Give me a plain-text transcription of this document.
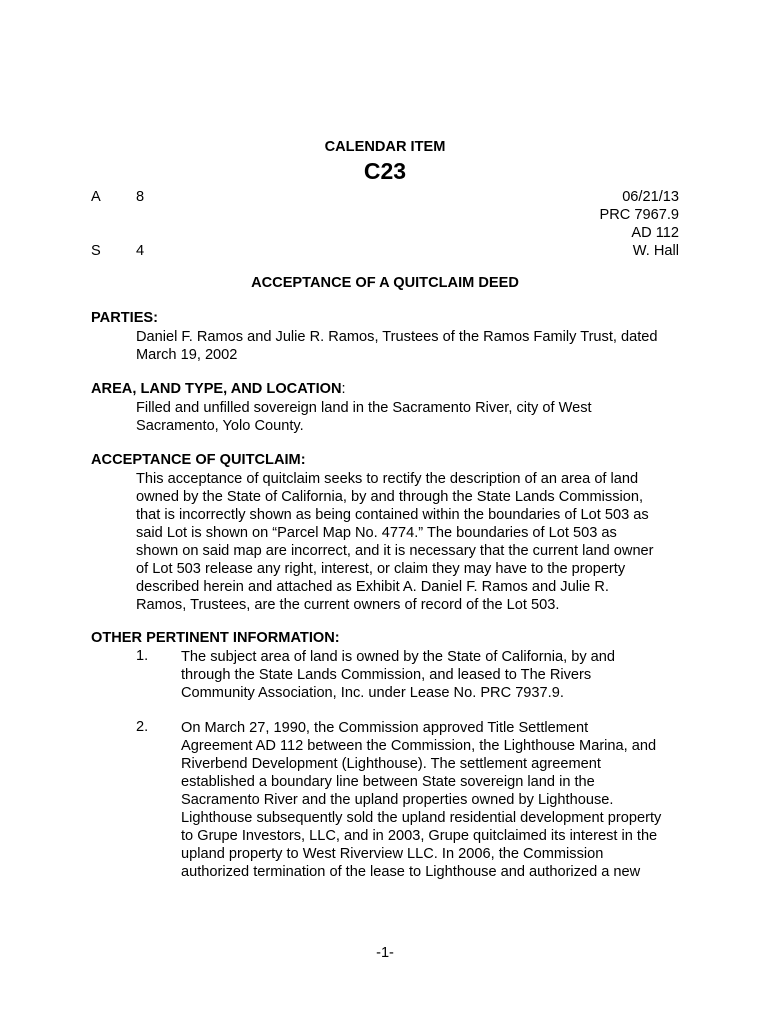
CALENDAR ITEM
C23
A 8
S 4
06/21/13
PRC 7967.9
AD 112
W. Hall
ACCEPTANCE OF A QUITCLAIM DEED
PARTIES:

Daniel F. Ramos and Julie R. Ramos, Trustees of the Ramos Family Trust, dated

March 19, 2002

AREA, LAND TYPE, AND LOCATION:

Filled and unfilled sovereign land in the Sacramento River, city of West

Sacramento, Yolo County.

ACCEPTANCE OF QUITCLAIM:

This acceptance of quitclaim seeks to rectify the description of an area of land

owned by the State of California, by and through the State Lands Commission,

that is incorrectly shown as being contained within the boundaries of Lot 503 as

said Lot is shown on “Parcel Map No. 4774.” The boundaries of Lot 503 as

shown on said map are incorrect, and it is necessary that the current land owner

of Lot 503 release any right, interest, or claim they may have to the property

described herein and attached as Exhibit A. Daniel F. Ramos and Julie R.

Ramos, Trustees, are the current owners of record of the Lot 503.

OTHER PERTINENT INFORMATION:
1. The subject area of land is owned by the State of California, by and

through the State Lands Commission, and leased to The Rivers

Community Association, Inc. under Lease No. PRC 7937.9.

2. On March 27, 1990, the Commission approved Title Settlement

Agreement AD 112 between the Commission, the Lighthouse Marina, and

Riverbend Development (Lighthouse). The settlement agreement

established a boundary line between State sovereign land in the

Sacramento River and the upland properties owned by Lighthouse.

Lighthouse subsequently sold the upland residential development property

to Grupe Investors, LLC, and in 2003, Grupe quitclaimed its interest in the

upland property to West Riverview LLC. In 2006, the Commission

authorized termination of the lease to Lighthouse and authorized a new

-1-
